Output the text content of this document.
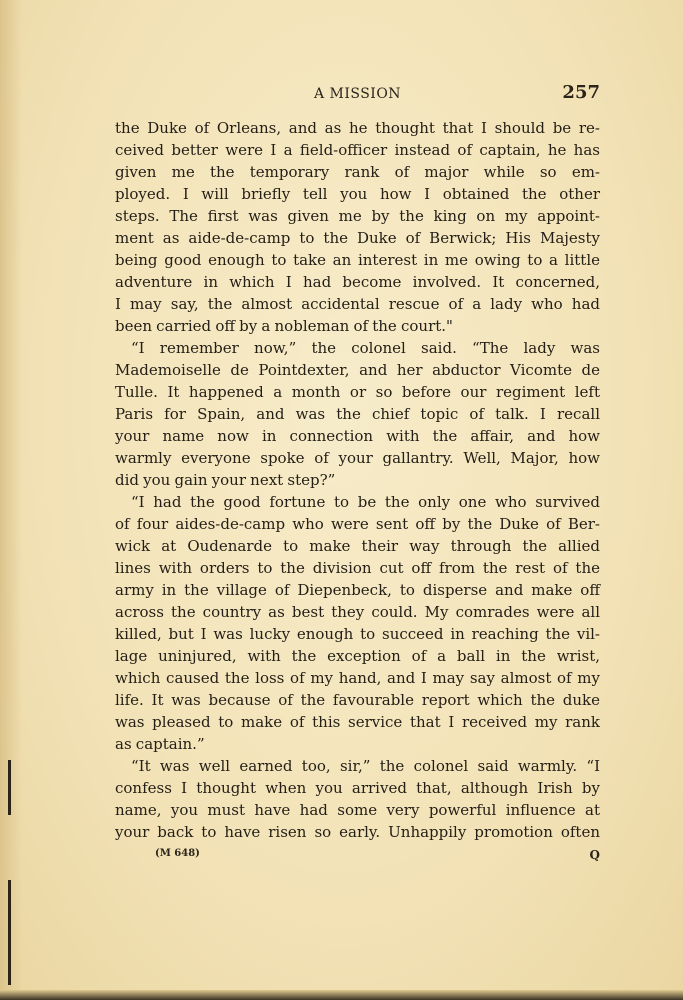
A MISSION	257
the Duke of Orleans, and as he thought that I should be re-
ceived better were I a field-officer instead of captain, he has
given me the temporary rank of major while so em-
ployed. I will briefly tell you how I obtained the other
steps. The first was given me by the king on my appoint-
ment as aide-de-camp to the Duke of Berwick; His Majesty
being good enough to take an interest in me owing to a little
adventure in which I had become involved. It concerned,
I may say, the almost accidental rescue of a lady who had
been carried off by a nobleman of the court."
“I remember now,” the colonel said. “The lady was
Mademoiselle de Pointdexter, and her abductor Vicomte de
Tulle. It happened a month or so before our regiment left
Paris for Spain, and was the chief topic of talk. I recall
your name now in connection with the affair, and how
warmly everyone spoke of your gallantry. Well, Major, how
did you gain your next step?”
“I had the good fortune to be the only one who survived
of four aides-de-camp who were sent off by the Duke of Ber-
wick at Oudenarde to make their way through the allied
lines with orders to the division cut off from the rest of the
army in the village of Diepenbeck, to disperse and make off
across the country as best they could. My comrades were all
killed, but I was lucky enough to succeed in reaching the vil-
lage uninjured, with the exception of a ball in the wrist,
which caused the loss of my hand, and I may say almost of my
life. It was because of the favourable report which the duke
was pleased to make of this service that I received my rank
as captain.”
“It was well earned too, sir,” the colonel said warmly. “I
confess I thought when you arrived that, although Irish by
name, you must have had some very powerful influence at
your back to have risen so early. Unhappily promotion often
(M 648)	Q
